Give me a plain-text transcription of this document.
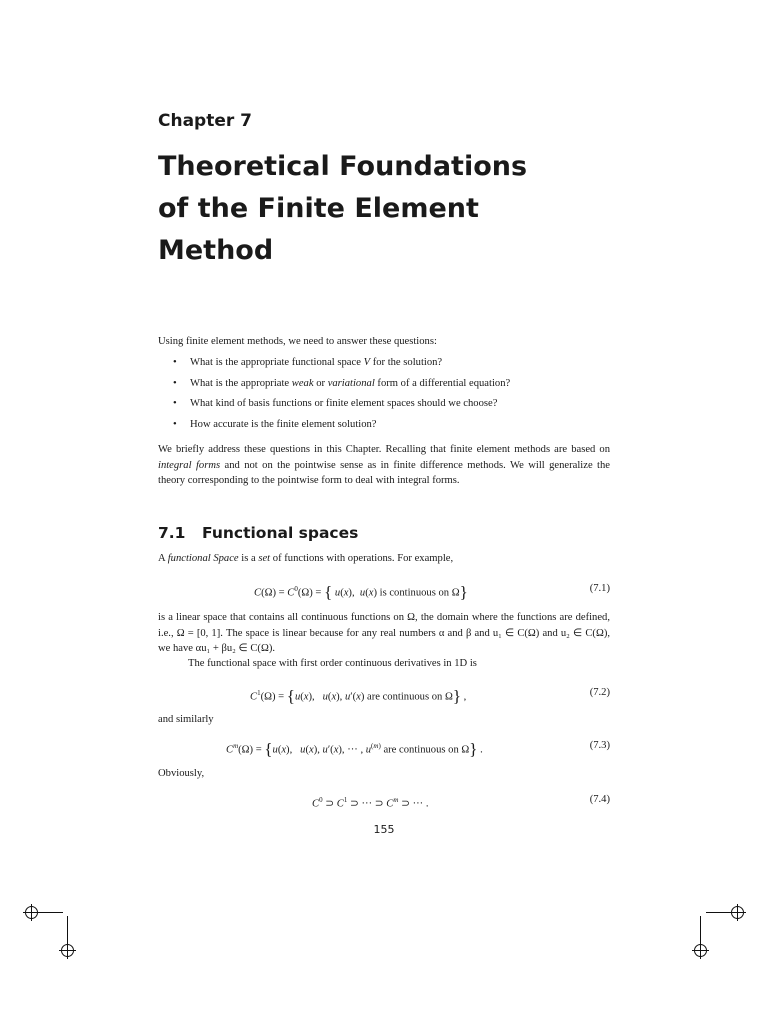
Chapter 7
Theoretical Foundations
of the Finite Element
Method
Using finite element methods, we need to answer these questions:
• What is the appropriate functional space V for the solution?
• What is the appropriate weak or variational form of a differential equation?
• What kind of basis functions or finite element spaces should we choose?
• How accurate is the finite element solution?
We briefly address these questions in this Chapter. Recalling that finite element methods are based on integral forms and not on the pointwise sense as in finite difference methods. We will generalize the theory corresponding to the pointwise form to deal with integral forms.
7.1 Functional spaces
A functional Space is a set of functions with operations. For example,
$C(\Omega) = C^0(\Omega)$ = { u(x),  u(x) is continuous on Ω}	(7.1)
is a linear space that contains all continuous functions on Ω, the domain where the functions are defined, i.e., Ω = [0, 1]. The space is linear because for any real numbers α and β and u₁ ∈ C(Ω) and u₂ ∈ C(Ω), we have αu₁ + βu₂ ∈ C(Ω).
The functional space with first order continuous derivatives in 1D is
$C^1(\Omega) = \{u(x)$,   u(x), u′(x) are continuous on Ω} ,	(7.2)
and similarly
$C^m(\Omega) = \{u(x)$,   u(x), u′(x), ··· , $u^{(m)}$ are continuous on Ω} .	(7.3)
Obviously,
$C^0$ ⊃ $C^1$ ⊃ ··· ⊃ $C^m$ ⊃ ··· .	(7.4)
155
